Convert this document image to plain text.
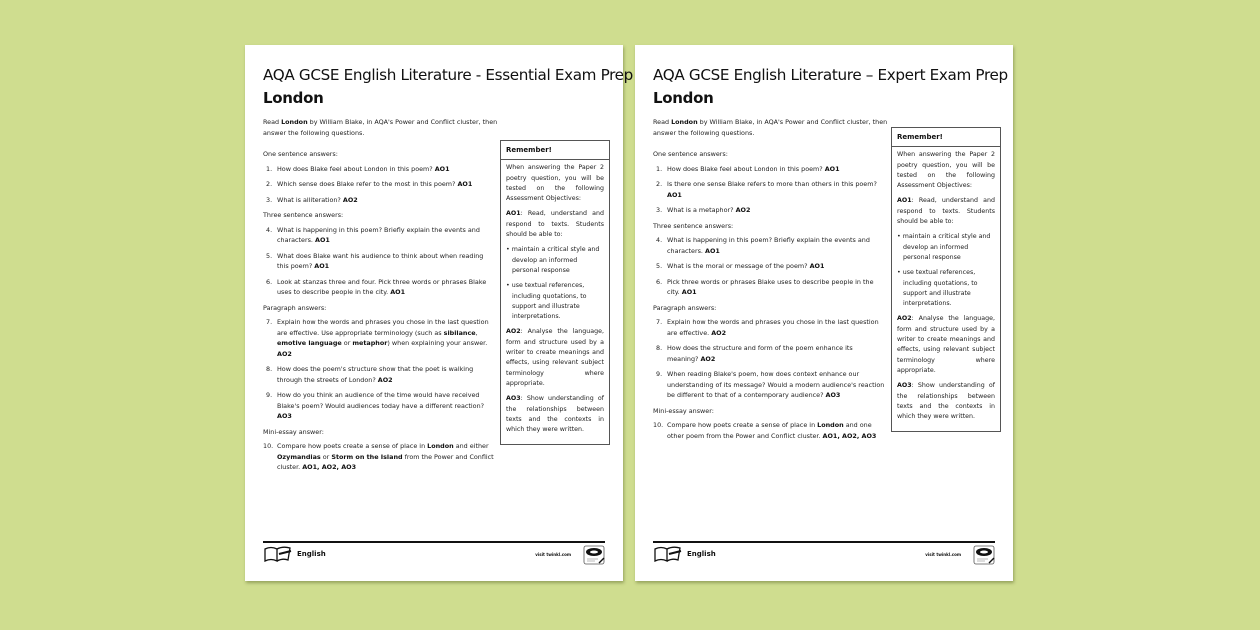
AQA GCSE English Literature - Essential Exam Prep
London
Read London by William Blake, in AQA's Power and Conflict cluster, then answer the following questions.
One sentence answers:
1. How does Blake feel about London in this poem? AO1
2. Which sense does Blake refer to the most in this poem? AO1
3. What is alliteration? AO2
Three sentence answers:
4. What is happening in this poem? Briefly explain the events and characters. AO1
5. What does Blake want his audience to think about when reading this poem? AO1
6. Look at stanzas three and four. Pick three words or phrases Blake uses to describe people in the city. AO1
Paragraph answers:
7. Explain how the words and phrases you chose in the last question are effective. Use appropriate terminology (such as sibilance, emotive language or metaphor) when explaining your answer. AO2
8. How does the poem's structure show that the poet is walking through the streets of London? AO2
9. How do you think an audience of the time would have received Blake's poem? Would audiences today have a different reaction? AO3
Mini-essay answer:
10. Compare how poets create a sense of place in London and either Ozymandias or Storm on the Island from the Power and Conflict cluster. AO1, AO2, AO3
Remember!

When answering the Paper 2 poetry question, you will be tested on the following Assessment Objectives:

AO1: Read, understand and respond to texts. Students should be able to:

• maintain a critical style and develop an informed personal response
• use textual references, including quotations, to support and illustrate interpretations.

AO2: Analyse the language, form and structure used by a writer to create meanings and effects, using relevant subject terminology where appropriate.

AO3: Show understanding of the relationships between texts and the contexts in which they were written.

English	visit twinkl.com
AQA GCSE English Literature – Expert Exam Prep
London
Read London by William Blake, in AQA's Power and Conflict cluster, then answer the following questions.
One sentence answers:
1. How does Blake feel about London in this poem? AO1
2. Is there one sense Blake refers to more than others in this poem? AO1
3. What is a metaphor? AO2
Three sentence answers:
4. What is happening in this poem? Briefly explain the events and characters. AO1
5. What is the moral or message of the poem? AO1
6. Pick three words or phrases Blake uses to describe people in the city. AO1
Paragraph answers:
7. Explain how the words and phrases you chose in the last question are effective. AO2
8. How does the structure and form of the poem enhance its meaning? AO2
9. When reading Blake's poem, how does context enhance our understanding of its message? Would a modern audience's reaction be different to that of a contemporary audience? AO3
Mini-essay answer:
10. Compare how poets create a sense of place in London and one other poem from the Power and Conflict cluster. AO1, AO2, AO3
Remember!

When answering the Paper 2 poetry question, you will be tested on the following Assessment Objectives:

AO1: Read, understand and respond to texts. Students should be able to:

• maintain a critical style and develop an informed personal response
• use textual references, including quotations, to support and illustrate interpretations.

AO2: Analyse the language, form and structure used by a writer to create meanings and effects, using relevant subject terminology where appropriate.

AO3: Show understanding of the relationships between texts and the contexts in which they were written.

English	visit twinkl.com
